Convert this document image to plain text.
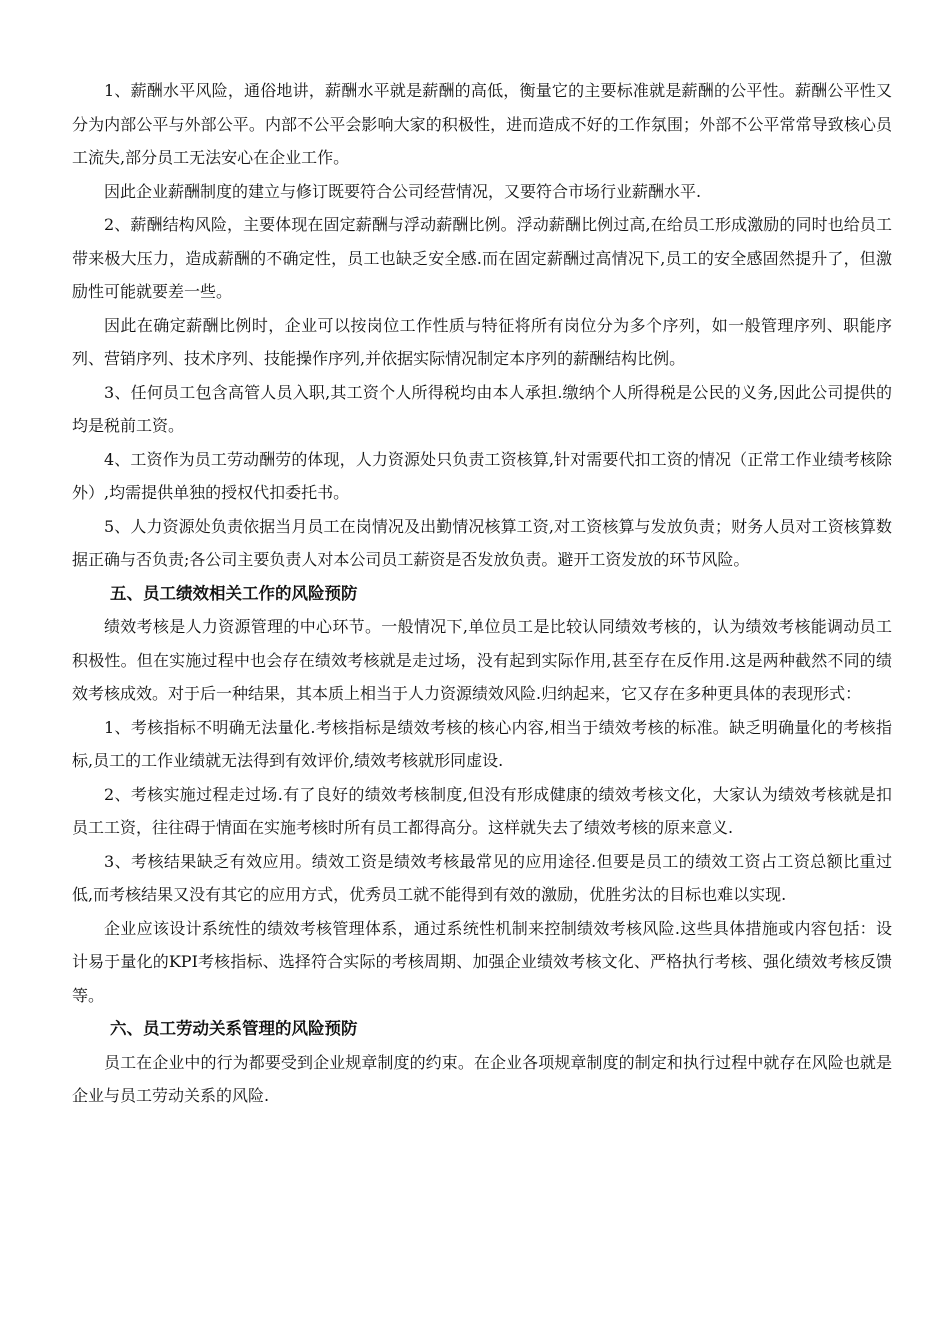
1、薪酬水平风险，通俗地讲，薪酬水平就是薪酬的高低，衡量它的主要标准就是薪酬的公平性。薪酬公平性又分为内部公平与外部公平。内部不公平会影响大家的积极性，进而造成不好的工作氛围；外部不公平常常导致核心员工流失,部分员工无法安心在企业工作。

因此企业薪酬制度的建立与修订既要符合公司经营情况，又要符合市场行业薪酬水平.

2、薪酬结构风险，主要体现在固定薪酬与浮动薪酬比例。浮动薪酬比例过高,在给员工形成激励的同时也给员工带来极大压力，造成薪酬的不确定性，员工也缺乏安全感.而在固定薪酬过高情况下,员工的安全感固然提升了，但激励性可能就要差一些。

因此在确定薪酬比例时，企业可以按岗位工作性质与特征将所有岗位分为多个序列，如一般管理序列、职能序列、营销序列、技术序列、技能操作序列,并依据实际情况制定本序列的薪酬结构比例。

3、任何员工包含高管人员入职,其工资个人所得税均由本人承担.缴纳个人所得税是公民的义务,因此公司提供的均是税前工资。

4、工资作为员工劳动酬劳的体现，人力资源处只负责工资核算,针对需要代扣工资的情况（正常工作业绩考核除外）,均需提供单独的授权代扣委托书。

5、人力资源处负责依据当月员工在岗情况及出勤情况核算工资,对工资核算与发放负责；财务人员对工资核算数据正确与否负责;各公司主要负责人对本公司员工薪资是否发放负责。避开工资发放的环节风险。

五、员工绩效相关工作的风险预防

绩效考核是人力资源管理的中心环节。一般情况下,单位员工是比较认同绩效考核的，认为绩效考核能调动员工积极性。但在实施过程中也会存在绩效考核就是走过场，没有起到实际作用,甚至存在反作用.这是两种截然不同的绩效考核成效。对于后一种结果，其本质上相当于人力资源绩效风险.归纳起来，它又存在多种更具体的表现形式：

1、考核指标不明确无法量化.考核指标是绩效考核的核心内容,相当于绩效考核的标准。缺乏明确量化的考核指标,员工的工作业绩就无法得到有效评价,绩效考核就形同虚设.

2、考核实施过程走过场.有了良好的绩效考核制度,但没有形成健康的绩效考核文化，大家认为绩效考核就是扣员工工资，往往碍于情面在实施考核时所有员工都得高分。这样就失去了绩效考核的原来意义.

3、考核结果缺乏有效应用。绩效工资是绩效考核最常见的应用途径.但要是员工的绩效工资占工资总额比重过低,而考核结果又没有其它的应用方式，优秀员工就不能得到有效的激励，优胜劣汰的目标也难以实现.

企业应该设计系统性的绩效考核管理体系，通过系统性机制来控制绩效考核风险.这些具体措施或内容包括：设计易于量化的KPI考核指标、选择符合实际的考核周期、加强企业绩效考核文化、严格执行考核、强化绩效考核反馈等。

六、员工劳动关系管理的风险预防

员工在企业中的行为都要受到企业规章制度的约束。在企业各项规章制度的制定和执行过程中就存在风险也就是企业与员工劳动关系的风险.
